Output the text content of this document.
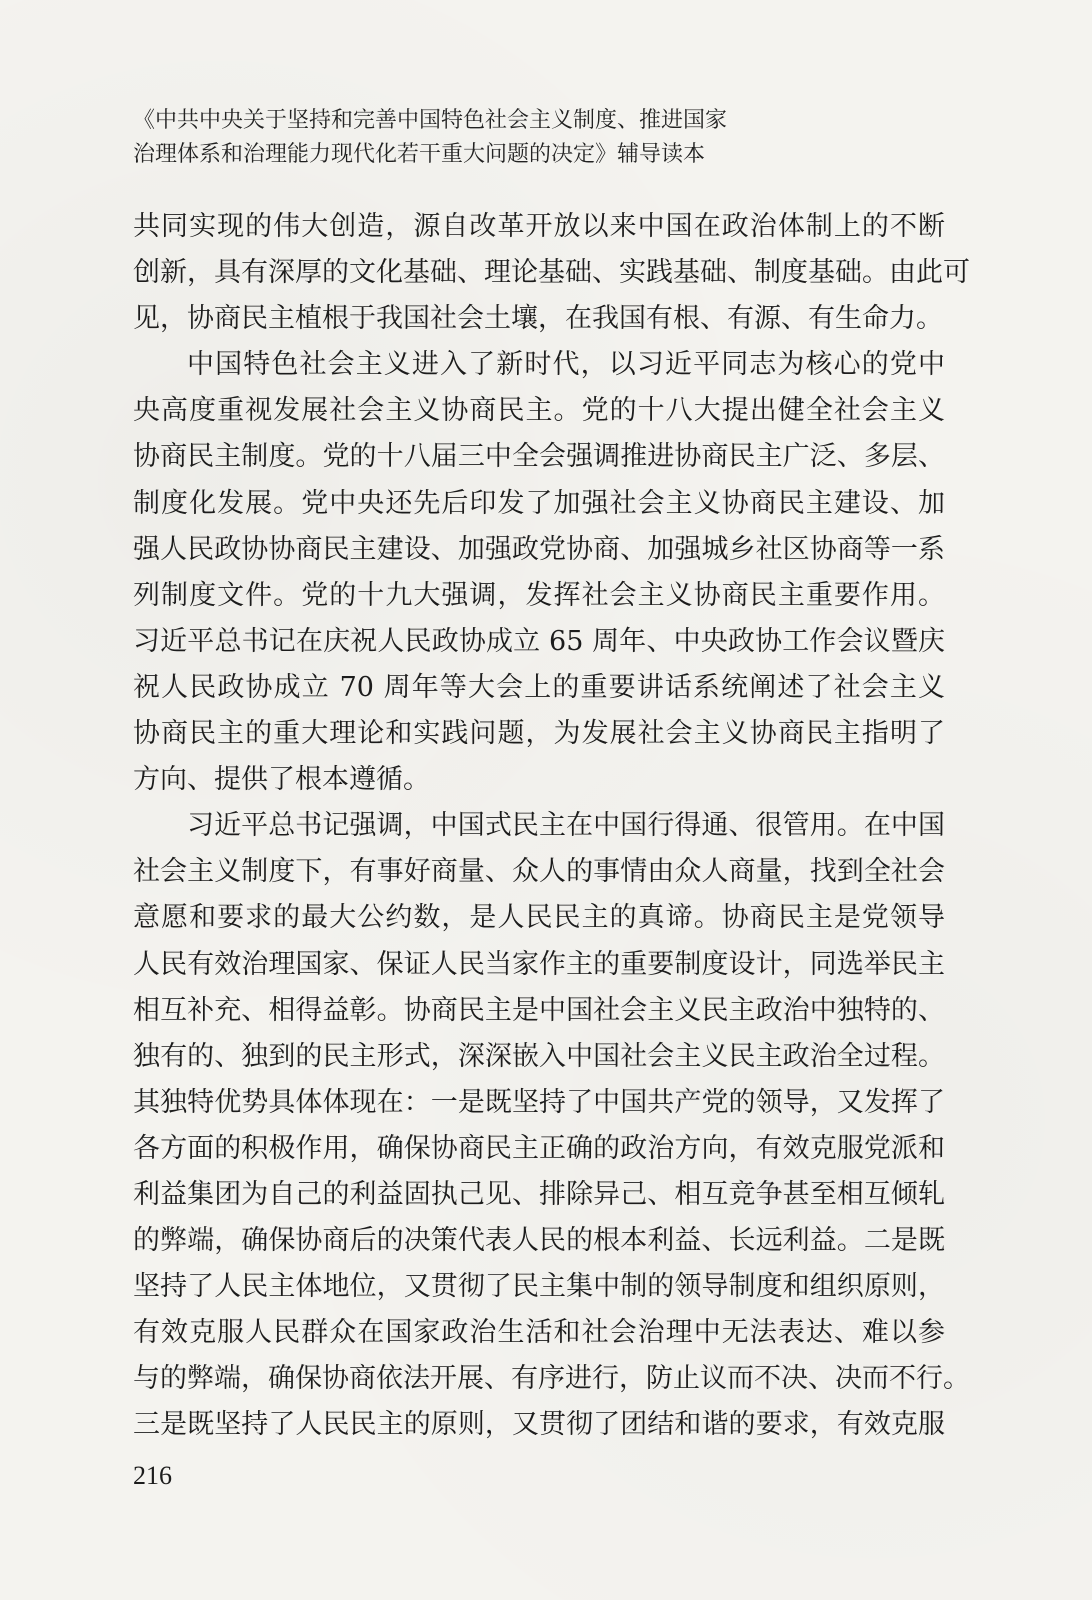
《中共中央关于坚持和完善中国特色社会主义制度、推进国家
治理体系和治理能力现代化若干重大问题的决定》辅导读本
共同实现的伟大创造，源自改革开放以来中国在政治体制上的不断
创新，具有深厚的文化基础、理论基础、实践基础、制度基础。由此可
见，协商民主植根于我国社会土壤，在我国有根、有源、有生命力。
中国特色社会主义进入了新时代，以习近平同志为核心的党中
央高度重视发展社会主义协商民主。党的十八大提出健全社会主义
协商民主制度。党的十八届三中全会强调推进协商民主广泛、多层、
制度化发展。党中央还先后印发了加强社会主义协商民主建设、加
强人民政协协商民主建设、加强政党协商、加强城乡社区协商等一系
列制度文件。党的十九大强调，发挥社会主义协商民主重要作用。
习近平总书记在庆祝人民政协成立 65 周年、中央政协工作会议暨庆
祝人民政协成立 70 周年等大会上的重要讲话系统阐述了社会主义
协商民主的重大理论和实践问题，为发展社会主义协商民主指明了
方向、提供了根本遵循。
习近平总书记强调，中国式民主在中国行得通、很管用。在中国
社会主义制度下，有事好商量、众人的事情由众人商量，找到全社会
意愿和要求的最大公约数，是人民民主的真谛。协商民主是党领导
人民有效治理国家、保证人民当家作主的重要制度设计，同选举民主
相互补充、相得益彰。协商民主是中国社会主义民主政治中独特的、
独有的、独到的民主形式，深深嵌入中国社会主义民主政治全过程。
其独特优势具体体现在：一是既坚持了中国共产党的领导，又发挥了
各方面的积极作用，确保协商民主正确的政治方向，有效克服党派和
利益集团为自己的利益固执己见、排除异己、相互竞争甚至相互倾轧
的弊端，确保协商后的决策代表人民的根本利益、长远利益。二是既
坚持了人民主体地位，又贯彻了民主集中制的领导制度和组织原则，
有效克服人民群众在国家政治生活和社会治理中无法表达、难以参
与的弊端，确保协商依法开展、有序进行，防止议而不决、决而不行。
三是既坚持了人民民主的原则，又贯彻了团结和谐的要求，有效克服
216
